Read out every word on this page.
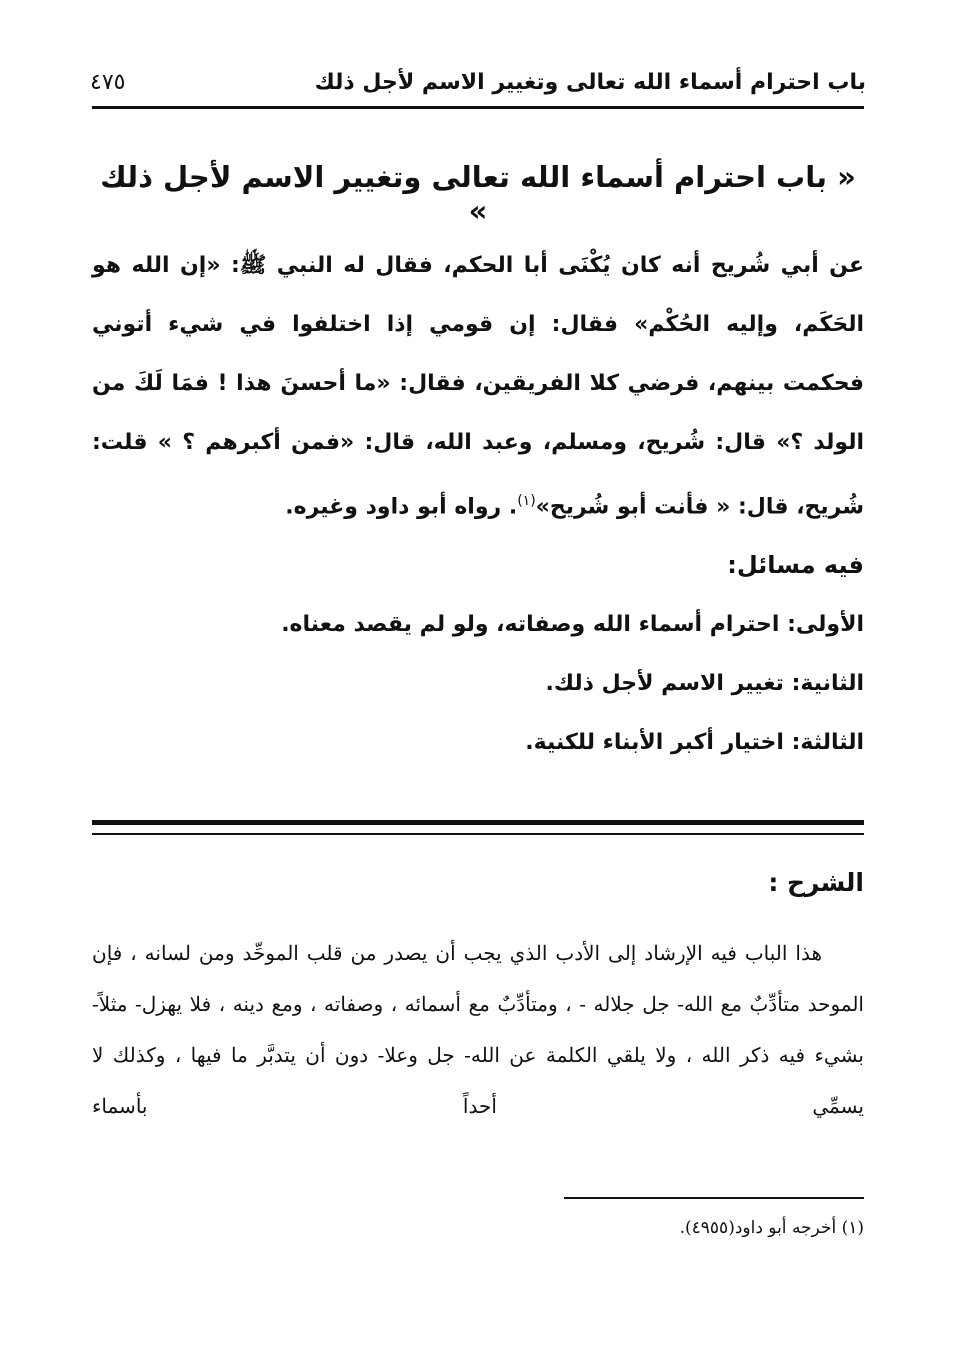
باب احترام أسماء الله تعالى وتغيير الاسم لأجل ذلك
٤٧٥
« باب احترام أسماء الله تعالى وتغيير الاسم لأجل ذلك »

عن أبي شُريح أنه كان يُكْنَى أبا الحكم، فقال له النبي ﷺ: «إن الله هو الحَكَم، وإليه الحُكْم» فقال: إن قومي إذا اختلفوا في شيء أتوني فحكمت بينهم، فرضي كلا الفريقين، فقال: «ما أحسنَ هذا ! فمَا لَكَ من الولد ؟» قال: شُريح، ومسلم، وعبد الله، قال: «فمن أكبرهم ؟ » قلت: شُريح، قال: « فأنت أبو شُريح»$^{(١)}$. رواه أبو داود وغيره.

فيه مسائل:

الأولى: احترام أسماء الله وصفاته، ولو لم يقصد معناه.

الثانية: تغيير الاسم لأجل ذلك.

الثالثة: اختيار أكبر الأبناء للكنية.

الشرح :

هذا الباب فيه الإرشاد إلى الأدب الذي يجب أن يصدر من قلب الموحِّد ومن لسانه ، فإن الموحد متأدِّبٌ مع الله- جل جلاله - ، ومتأدِّبٌ مع أسمائه ، وصفاته ، ومع دينه ، فلا يهزل- مثلاً- بشيء فيه ذكر الله ، ولا يلقي الكلمة عن الله- جل وعلا- دون أن يتدبَّر ما فيها ، وكذلك لا يسمِّي أحداً بأسماء

(١) أخرجه أبو داود(٤٩٥٥).
